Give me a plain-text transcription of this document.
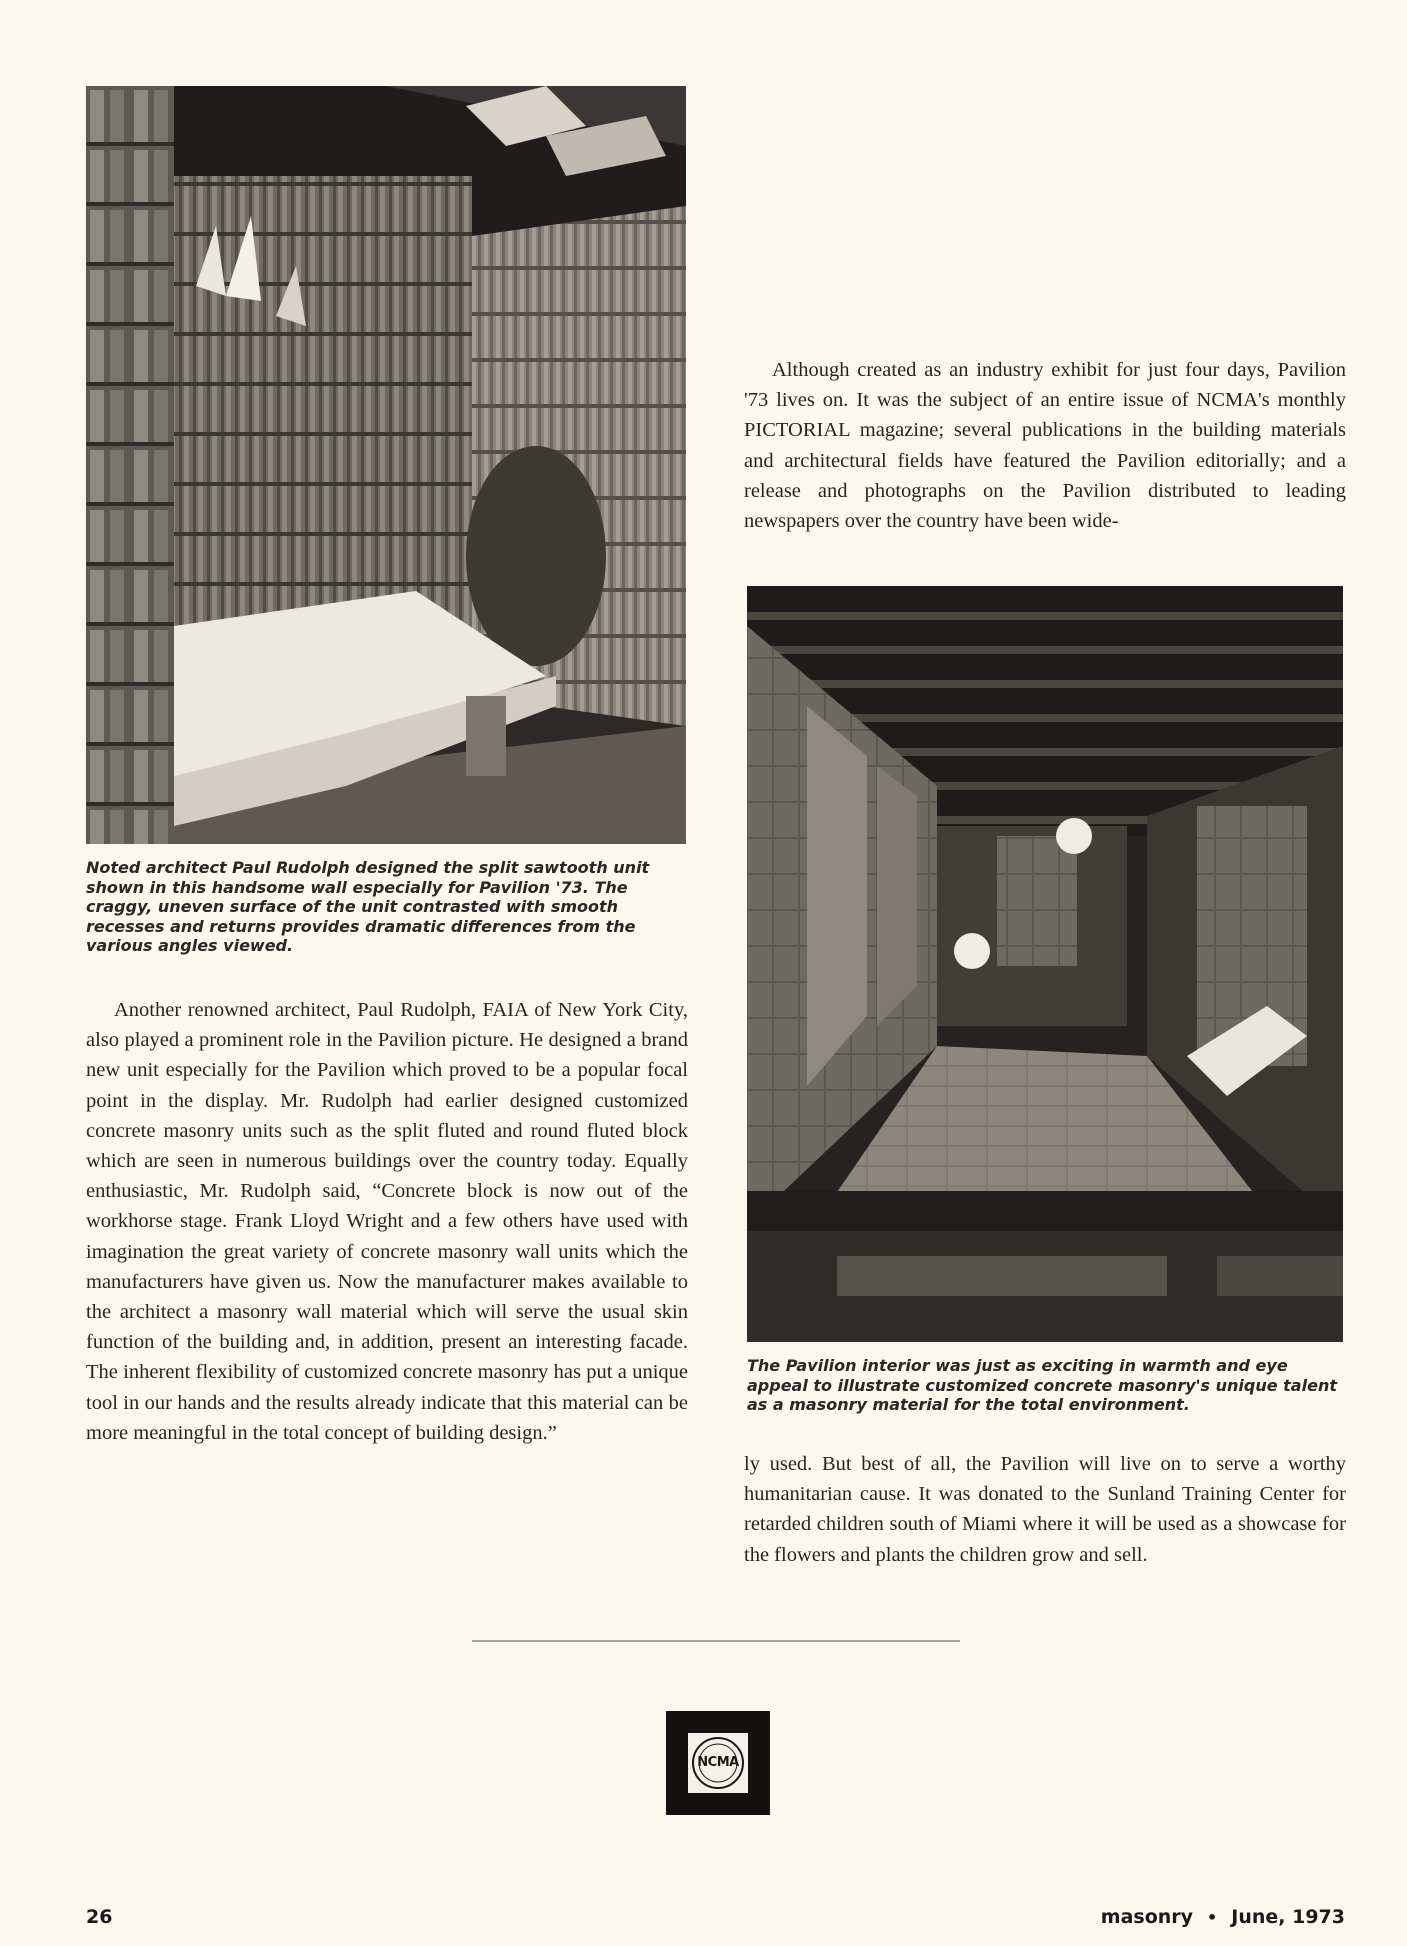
Noted architect Paul Rudolph designed the split sawtooth unit shown in this handsome wall especially for Pavilion '73. The craggy, uneven surface of the unit contrasted with smooth recesses and returns provides dramatic differences from the various angles viewed.

Another renowned architect, Paul Rudolph, FAIA of New York City, also played a prominent role in the Pavilion picture. He designed a brand new unit especially for the Pavilion which proved to be a popular focal point in the display. Mr. Rudolph had earlier designed customized concrete masonry units such as the split fluted and round fluted block which are seen in numerous buildings over the country today. Equally enthusiastic, Mr. Rudolph said, “Concrete block is now out of the workhorse stage. Frank Lloyd Wright and a few others have used with imagination the great variety of concrete masonry wall units which the manufacturers have given us. Now the manufacturer makes available to the architect a masonry wall material which will serve the usual skin function of the building and, in addition, present an interesting facade. The inherent flexibility of customized concrete masonry has put a unique tool in our hands and the results already indicate that this material can be more meaningful in the total concept of building design.”

Although created as an industry exhibit for just four days, Pavilion '73 lives on. It was the subject of an entire issue of NCMA's monthly PICTORIAL magazine; several publications in the building materials and architectural fields have featured the Pavilion editorially; and a release and photographs on the Pavilion distributed to leading newspapers over the country have been wide-

The Pavilion interior was just as exciting in warmth and eye appeal to illustrate customized concrete masonry's unique talent as a masonry material for the total environment.

ly used. But best of all, the Pavilion will live on to serve a worthy humanitarian cause. It was donated to the Sunland Training Center for retarded children south of Miami where it will be used as a showcase for the flowers and plants the children grow and sell.

NCMA
26	masonry • June, 1973
